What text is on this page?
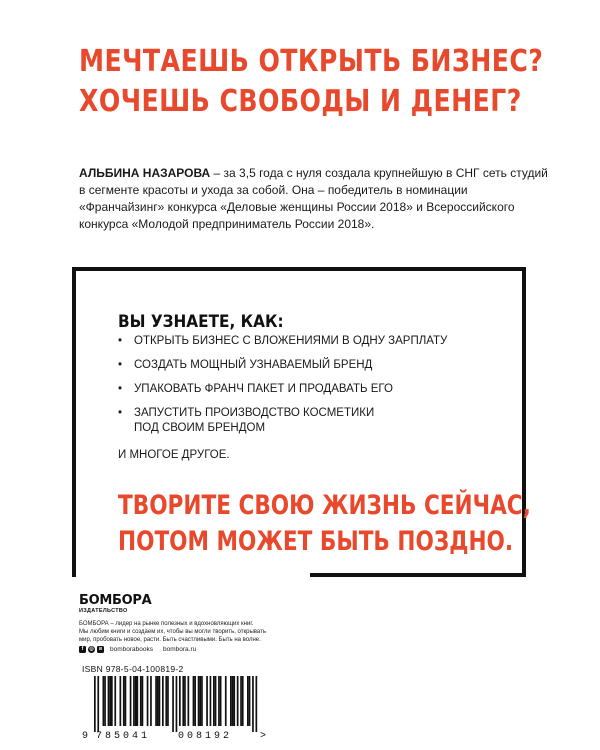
МЕЧТАЕШЬ ОТКРЫТЬ БИЗНЕС?
ХОЧЕШЬ СВОБОДЫ И ДЕНЕГ?

АЛЬБИНА НАЗАРОВА – за 3,5 года с нуля создала крупнейшую в СНГ сеть студий в сегменте красоты и ухода за собой. Она – победитель в номинации «Франчайзинг» конкурса «Деловые женщины России 2018» и Всероссийского конкурса «Молодой предприниматель России 2018».

ВЫ УЗНАЕТЕ, КАК:
• ОТКРЫТЬ БИЗНЕС С ВЛОЖЕНИЯМИ В ОДНУ ЗАРПЛАТУ
• СОЗДАТЬ МОЩНЫЙ УЗНАВАЕМЫЙ БРЕНД
• УПАКОВАТЬ ФРАНЧ ПАКЕТ И ПРОДАВАТЬ ЕГО
• ЗАПУСТИТЬ ПРОИЗВОДСТВО КОСМЕТИКИ
ПОД СВОИМ БРЕНДОМ

И МНОГОЕ ДРУГОЕ.

ТВОРИТЕ СВОЮ ЖИЗНЬ СЕЙЧАС,
ПОТОМ МОЖЕТ БЫТЬ ПОЗДНО.
БОМБОРА
ИЗДАТЕЛЬСТВО

БОМБОРА – лидер на рынке полезных и вдохновляющих книг.
Мы любим книги и создаем их, чтобы вы могли творить, открывать
мир, пробовать новое, расти. Быть счастливыми. Быть на волне.

f	◎	в	bomborabooks bombora.ru

ISBN 978-5-04-100819-2

9 785041	008192	>
